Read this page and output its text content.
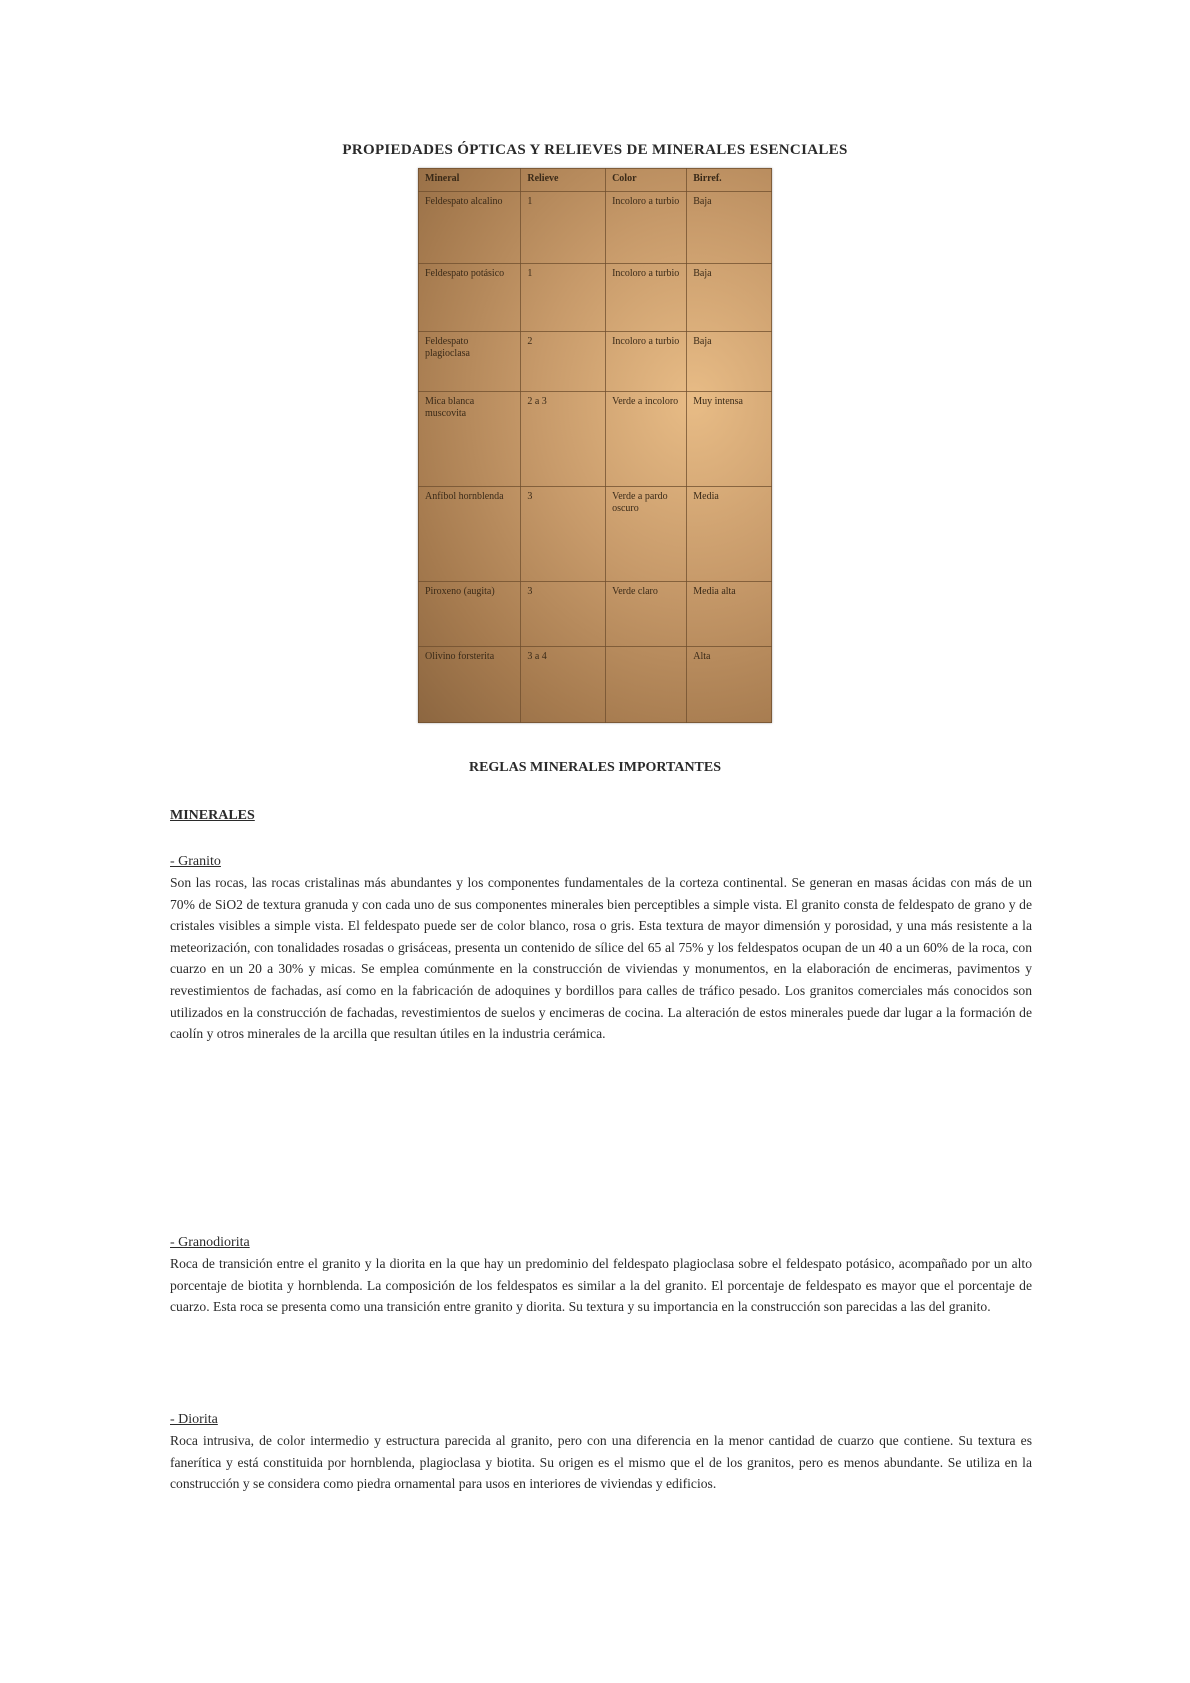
PROPIEDADES ÓPTICAS Y RELIEVES DE MINERALES ESENCIALES
Mineral	Relieve	Color	Birref.
Feldespato alcalino	1	Incoloro a turbio	Baja
Feldespato potásico	1	Incoloro a turbio	Baja
Feldespato plagioclasa	2	Incoloro a turbio	Baja
Mica blanca muscovita	2 a 3	Verde a incoloro	Muy intensa
Anfíbol hornblenda	3	Verde a pardo oscuro	Media
Piroxeno (augita)	3	Verde claro	Media alta
Olivino forsterita	3 a 4		Alta
REGLAS MINERALES IMPORTANTES
MINERALES
- Granito

Son las rocas, las rocas cristalinas más abundantes y los componentes fundamentales de la corteza continental. Se generan en masas ácidas con más de un 70% de SiO2 de textura granuda y con cada uno de sus componentes minerales bien perceptibles a simple vista. El granito consta de feldespato de grano y de cristales visibles a simple vista. El feldespato puede ser de color blanco, rosa o gris. Esta textura de mayor dimensión y porosidad, y una más resistente a la meteorización, con tonalidades rosadas o grisáceas, presenta un contenido de sílice del 65 al 75% y los feldespatos ocupan de un 40 a un 60% de la roca, con cuarzo en un 20 a 30% y micas. Se emplea comúnmente en la construcción de viviendas y monumentos, en la elaboración de encimeras, pavimentos y revestimientos de fachadas, así como en la fabricación de adoquines y bordillos para calles de tráfico pesado. Los granitos comerciales más conocidos son utilizados en la construcción de fachadas, revestimientos de suelos y encimeras de cocina. La alteración de estos minerales puede dar lugar a la formación de caolín y otros minerales de la arcilla que resultan útiles en la industria cerámica.

- Granodiorita

Roca de transición entre el granito y la diorita en la que hay un predominio del feldespato plagioclasa sobre el feldespato potásico, acompañado por un alto porcentaje de biotita y hornblenda. La composición de los feldespatos es similar a la del granito. El porcentaje de feldespato es mayor que el porcentaje de cuarzo. Esta roca se presenta como una transición entre granito y diorita. Su textura y su importancia en la construcción son parecidas a las del granito.

- Diorita

Roca intrusiva, de color intermedio y estructura parecida al granito, pero con una diferencia en la menor cantidad de cuarzo que contiene. Su textura es fanerítica y está constituida por hornblenda, plagioclasa y biotita. Su origen es el mismo que el de los granitos, pero es menos abundante. Se utiliza en la construcción y se considera como piedra ornamental para usos en interiores de viviendas y edificios.
